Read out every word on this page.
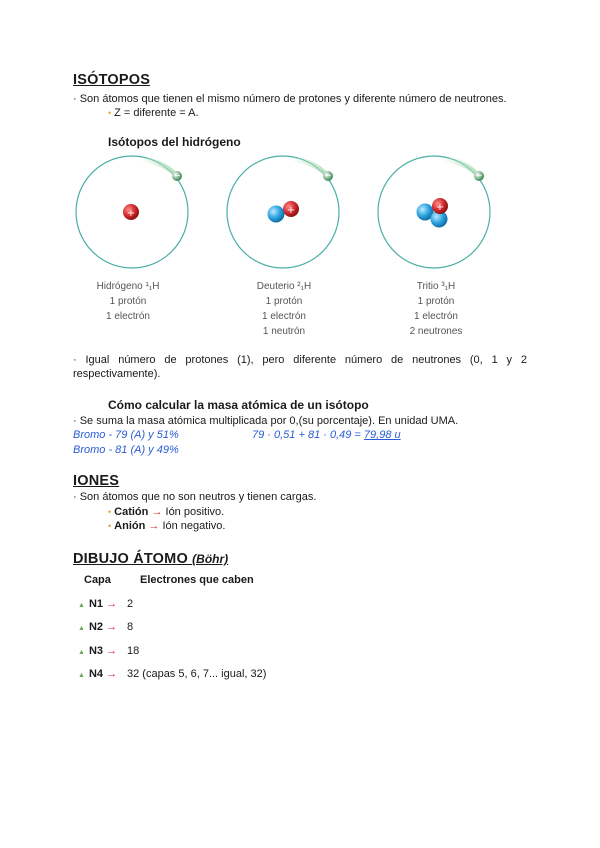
ISÓTOPOS
· Son átomos que tienen el mismo número de protones y diferente número de neutrones.
• Z = diferente = A.
Isótopos del hidrógeno
−
+
−
+
−
+
Hidrógeno ¹₁H
1 protón
1 electrón
Deuterio ²₁H
1 protón
1 electrón
1 neutrón
Tritio ³₁H
1 protón
1 electrón
2 neutrones
· Igual número de protones (1), pero diferente número de neutrones (0, 1 y 2 respectivamente).
Cómo calcular la masa atómica de un isótopo
· Se suma la masa atómica multiplicada por 0,(su porcentaje). En unidad UMA.
Bromo - 79 (A) y 51%	79 · 0,51 + 81 · 0,49 = 79,98 u
Bromo - 81 (A) y 49%
IONES
· Son átomos que no son neutros y tienen cargas.
• Catión → Ión positivo.
• Anión → Ión negativo.
DIBUJO ÁTOMO (Böhr)
Capa	Electrones que caben
▲ N1 → 2
▲ N2 → 8
▲ N3 → 18
▲ N4 → 32 (capas 5, 6, 7... igual, 32)
